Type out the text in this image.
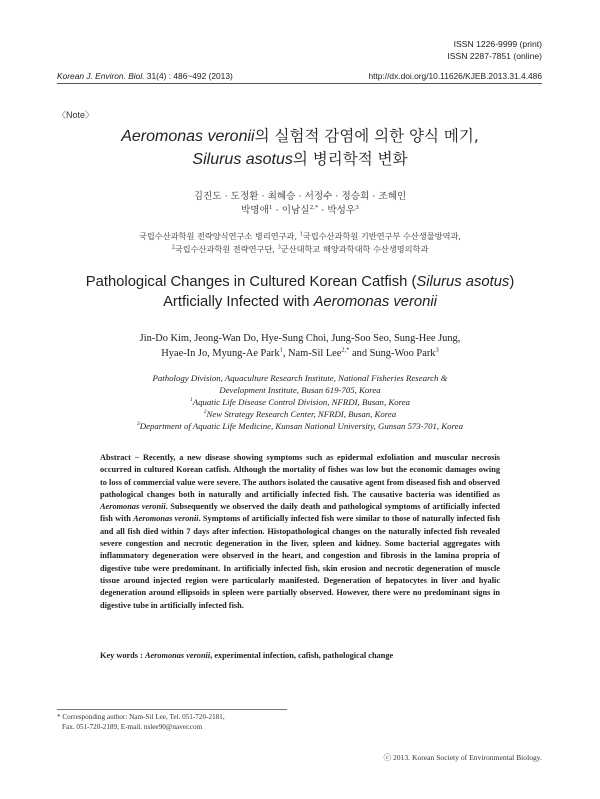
ISSN 1226-9999 (print)
ISSN 2287-7851 (online)
Korean J. Environ. Biol. 31(4) : 486~492 (2013)	http://dx.doi.org/10.11626/KJEB.2013.31.4.486
〈Note〉
Aeromonas veronii의 실험적 감염에 의한 양식 메기,
Silurus asotus의 병리학적 변화
김진도 · 도정환 · 최혜승 · 서정수 · 정승희 · 조혜인
박명애$^1$ · 이남실$^{2,*}$ · 박성우$^3$
국립수산과학원 전략양식연구소 병리연구과, $^1$국립수산과학원 기반연구부 수산생물방역과,
$^2$국립수산과학원 전략연구단, $^3$군산대학교 해양과학대학 수산생명의학과
Pathological Changes in Cultured Korean Catfish (Silurus asotus)
Artficially Infected with Aeromonas veronii
Jin-Do Kim, Jeong-Wan Do, Hye-Sung Choi, Jung-Soo Seo, Sung-Hee Jung,
Hyae-In Jo, Myung-Ae Park$^1$, Nam-Sil Lee$^{2,*}$ and Sung-Woo Park$^3$
Pathology Division, Aquaculture Research Institute, National Fisheries Research &
Development Institute, Busan 619-705, Korea
$^1$Aquatic Life Disease Control Division, NFRDI, Busan, Korea
$^2$New Strategy Research Center, NFRDI, Busan, Korea
$^3$Department of Aquatic Life Medicine, Kunsan National University, Gunsan 573-701, Korea
Abstract − Recently, a new disease showing symptoms such as epidermal exfoliation and muscular necrosis occurred in cultured Korean catfish. Although the mortality of fishes was low but the economic damages owing to loss of commercial value were severe. The authors isolated the causative agent from diseased fish and observed pathological changes both in naturally and artificially infected fish. The causative bacteria was identified as Aeromonas veronii. Subsequently we observed the daily death and pathological symptoms of artificially infected fish with Aeromonas veronii. Symptoms of artificially infected fish were similar to those of naturally infected fish and all fish died within 7 days after infection. Histopathological changes on the naturally infected fish revealed severe congestion and necrotic degeneration in the liver, spleen and kidney. Some bacterial aggregates with inflammatory degeneration were observed in the heart, and congestion and fibrosis in the lamina propria of digestive tube were predominant. In artificially infected fish, skin erosion and necrotic degeneration of muscle tissue around injected region were particularly manifested. Degeneration of hepatocytes in liver and hyalic degeneration around ellipsoids in spleen were partially observed. However, there were no predominant signs in digestive tube in artificially infected fish.
Key words : Aeromonas veronii, experimental infection, cafish, pathological change
* Corresponding author: Nam-Sil Lee, Tel. 051-720-2181,
Fax. 051-720-2189, E-mail. nslee90@naver.com
ⓒ 2013. Korean Society of Environmental Biology.
